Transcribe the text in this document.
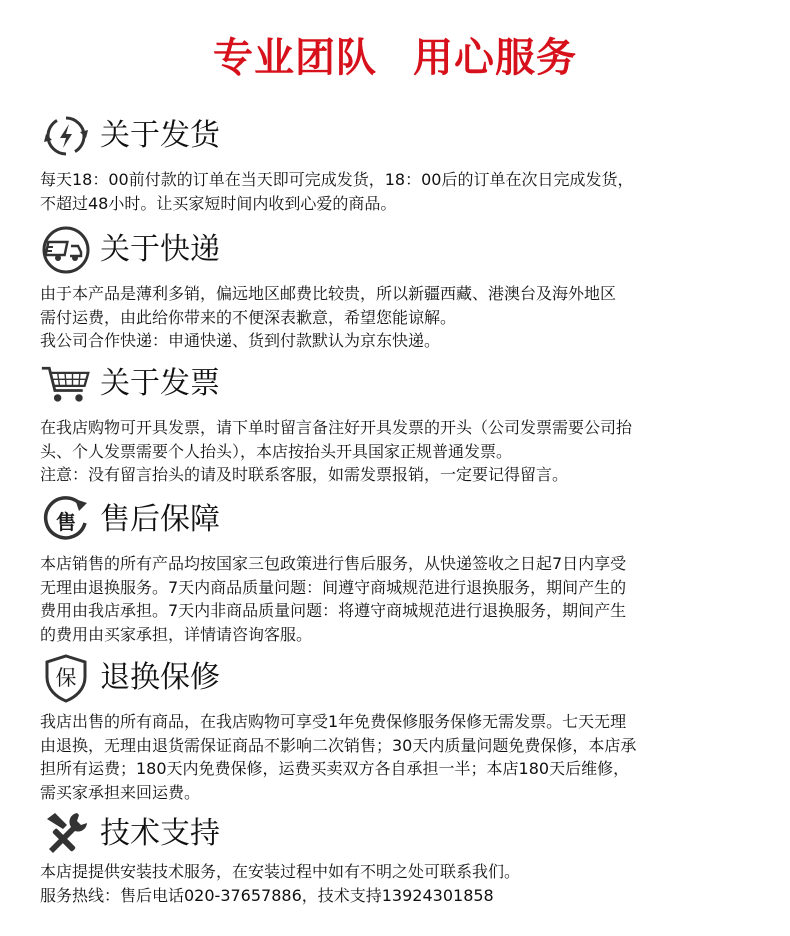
专业团队 用心服务
关于发货
每天18：00前付款的订单在当天即可完成发货，18：00后的订单在次日完成发货，
不超过48小时。让买家短时间内收到心爱的商品。
关于快递
由于本产品是薄利多销，偏远地区邮费比较贵，所以新疆西藏、港澳台及海外地区
需付运费，由此给你带来的不便深表歉意，希望您能谅解。
我公司合作快递：申通快递、货到付款默认为京东快递。
关于发票
在我店购物可开具发票，请下单时留言备注好开具发票的开头（公司发票需要公司抬
头、个人发票需要个人抬头），本店按抬头开具国家正规普通发票。
注意：没有留言抬头的请及时联系客服，如需发票报销，一定要记得留言。
售 售后保障
本店销售的所有产品均按国家三包政策进行售后服务，从快递签收之日起7日内享受
无理由退换服务。7天内商品质量问题：间遵守商城规范进行退换服务，期间产生的
费用由我店承担。7天内非商品质量问题：将遵守商城规范进行退换服务，期间产生
的费用由买家承担，详情请咨询客服。
保 退换保修
我店出售的所有商品，在我店购物可享受1年免费保修服务保修无需发票。七天无理
由退换，无理由退货需保证商品不影响二次销售；30天内质量问题免费保修，本店承
担所有运费；180天内免费保修，运费买卖双方各自承担一半；本店180天后维修，
需买家承担来回运费。
技术支持
本店提提供安装技术服务，在安装过程中如有不明之处可联系我们。
服务热线：售后电话020-37657886，技术支持13924301858
